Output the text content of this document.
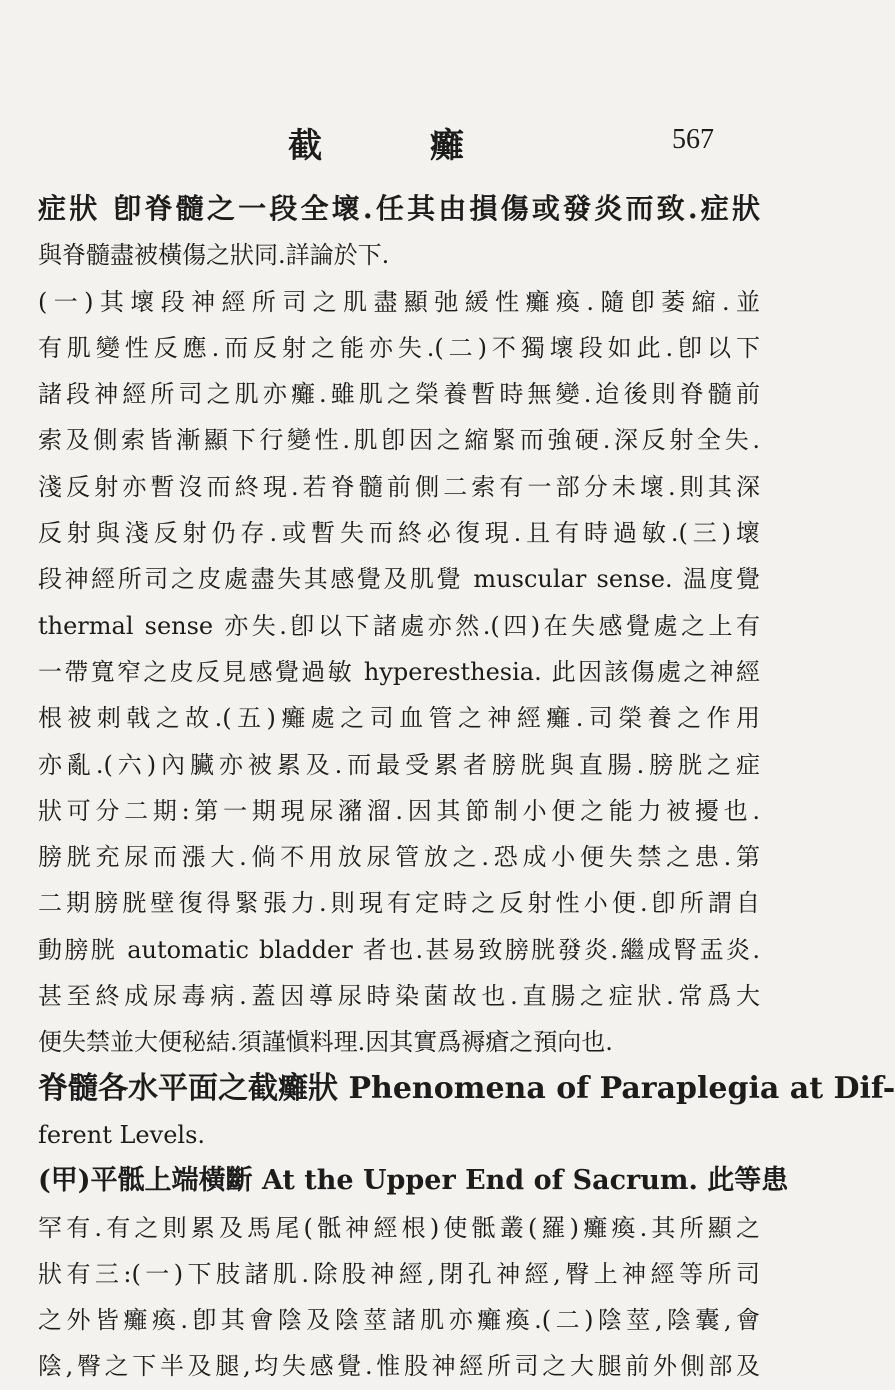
截 癱	567
症狀 卽脊髓之一段全壞.任其由損傷或發炎而致.症狀
與脊髓盡被橫傷之狀同.詳論於下.
(一)其壞段神經所司之肌盡顯弛緩性癱瘓.隨卽萎縮.並
有肌變性反應.而反射之能亦失.(二)不獨壞段如此.卽以下
諸段神經所司之肌亦癱.雖肌之榮養暫時無變.迨後則脊髓前
索及側索皆漸顯下行變性.肌卽因之縮緊而強硬.深反射全失.
淺反射亦暫沒而終現.若脊髓前側二索有一部分未壞.則其深
反射與淺反射仍存.或暫失而終必復現.且有時過敏.(三)壞
段神經所司之皮處盡失其感覺及肌覺 muscular sense. 温度覺
thermal sense 亦失.卽以下諸處亦然.(四)在失感覺處之上有
一帶寬窄之皮反見感覺過敏 hyperesthesia. 此因該傷處之神經
根被刺戟之故.(五)癱處之司血管之神經癱.司榮養之作用
亦亂.(六)內臟亦被累及.而最受累者膀胱與直腸.膀胱之症
狀可分二期:第一期現尿瀦溜.因其節制小便之能力被擾也.
膀胱充尿而漲大.倘不用放尿管放之.恐成小便失禁之患.第
二期膀胱壁復得緊張力.則現有定時之反射性小便.卽所謂自
動膀胱 automatic bladder 者也.甚易致膀胱發炎.繼成腎盂炎.
甚至終成尿毒病.蓋因導尿時染菌故也.直腸之症狀.常爲大
便失禁並大便秘結.須謹愼料理.因其實爲褥瘡之預向也.
脊髓各水平面之截癱狀 Phenomena of Paraplegia at Dif-
ferent Levels.
(甲)平骶上端橫斷 At the Upper End of Sacrum. 此等患
罕有.有之則累及馬尾(骶神經根)使骶叢(羅)癱瘓.其所顯之
狀有三:(一)下肢諸肌.除股神經,閉孔神經,臀上神經等所司
之外皆癱瘓.卽其會陰及陰莖諸肌亦癱瘓.(二)陰莖,陰囊,會
陰,臀之下半及腿,均失感覺.惟股神經所司之大腿前外側部及
